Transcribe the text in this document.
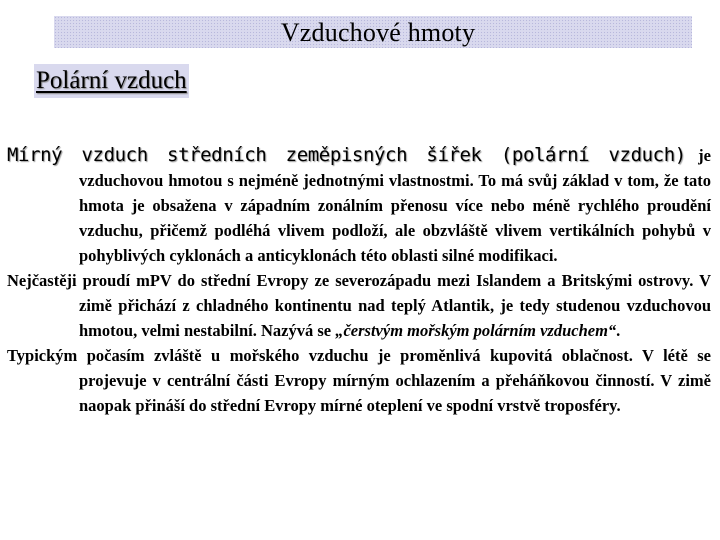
Vzduchové hmoty
Polární vzduch

Mírný vzduch středních zeměpisných šířek (polární vzduch) je vzduchovou hmotou s nejméně jednotnými vlastnostmi. To má svůj základ v tom, že tato hmota je obsažena v západním zonálním přenosu více nebo méně rychlého proudění vzduchu, přičemž podléhá vlivem podloží, ale obzvláště vlivem vertikálních pohybů v pohyblivých cyklonách a anticyklonách této oblasti silné modifikaci.

Nejčastěji proudí mPV do střední Evropy ze severozápadu mezi Islandem a Britskými ostrovy. V zimě přichází z chladného kontinentu nad teplý Atlantik, je tedy studenou vzduchovou hmotou, velmi nestabilní. Nazývá se „čerstvým mořským polárním vzduchem“.

Typickým počasím zvláště u mořského vzduchu je proměnlivá kupovitá oblačnost. V létě se projevuje v centrální části Evropy mírným ochlazením a přeháňkovou činností. V zimě naopak přináší do střední Evropy mírné oteplení ve spodní vrstvě troposféry.
